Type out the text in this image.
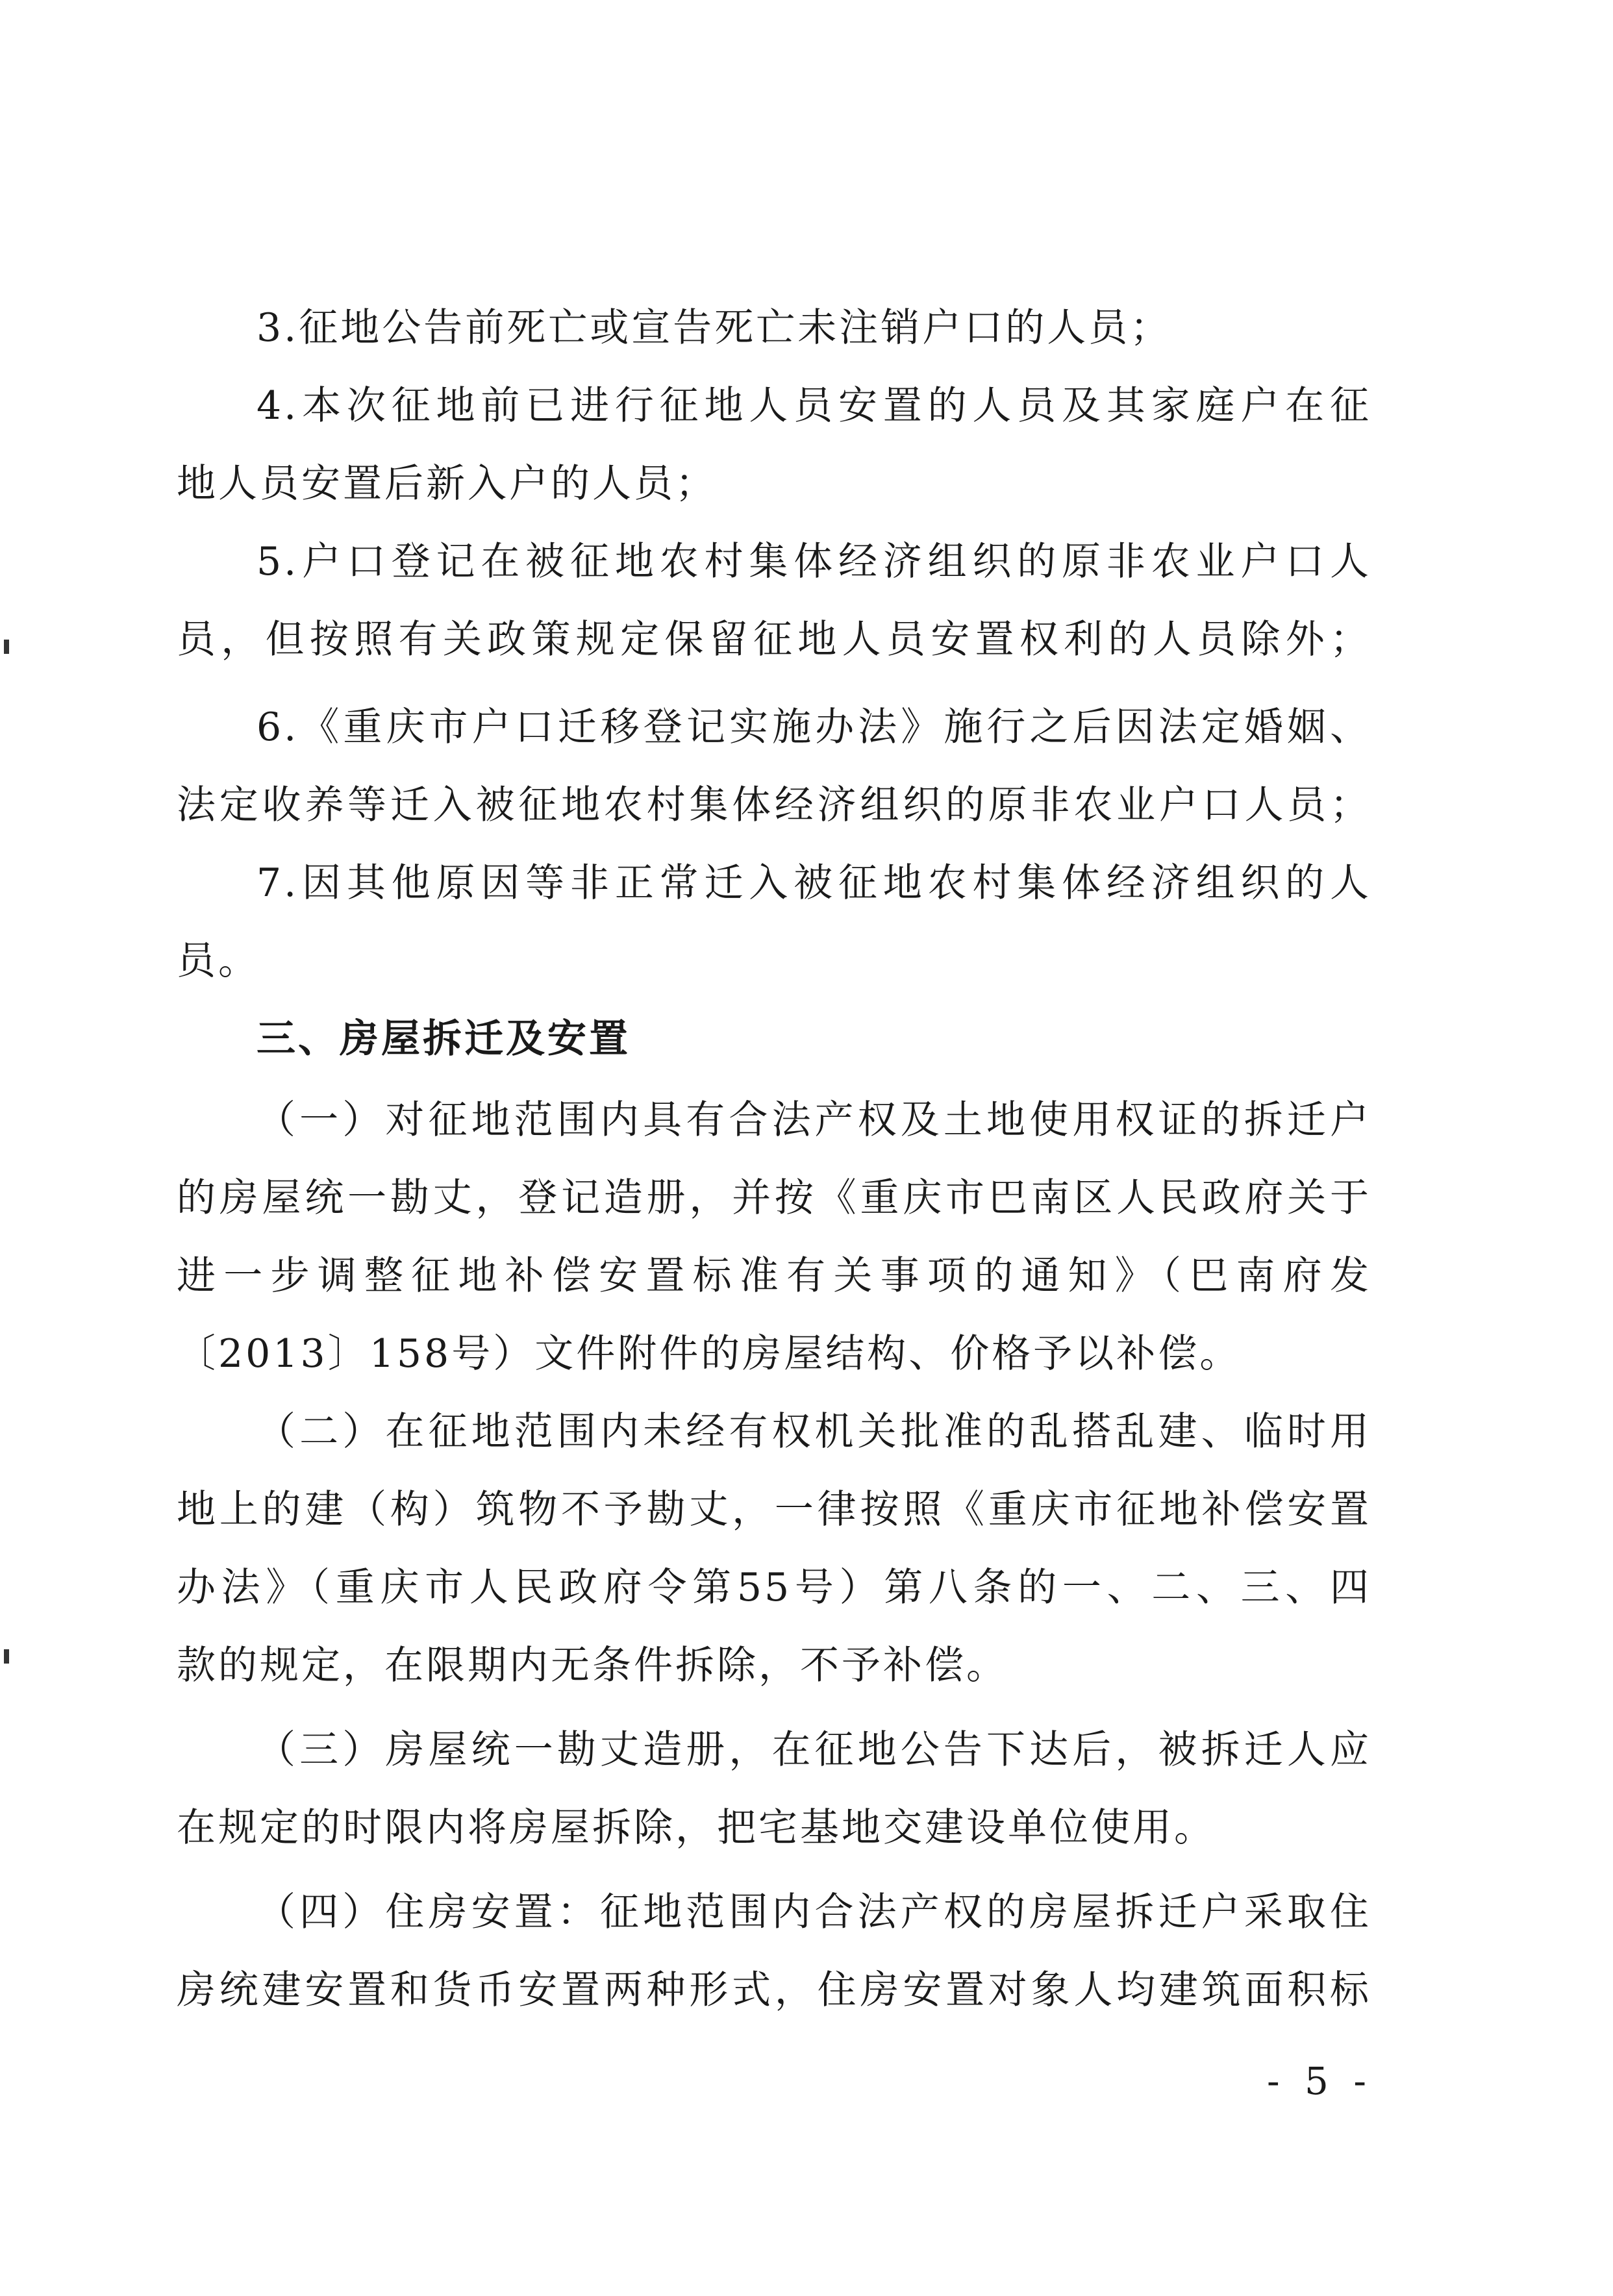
3.征地公告前死亡或宣告死亡未注销户口的人员；
4.本次征地前已进行征地人员安置的人员及其家庭户在征
地人员安置后新入户的人员；
5.户口登记在被征地农村集体经济组织的原非农业户口人
员，但按照有关政策规定保留征地人员安置权利的人员除外；
6.《重庆市户口迁移登记实施办法》施行之后因法定婚姻、
法定收养等迁入被征地农村集体经济组织的原非农业户口人员；
7.因其他原因等非正常迁入被征地农村集体经济组织的人
员。
三、房屋拆迁及安置
（一）对征地范围内具有合法产权及土地使用权证的拆迁户
的房屋统一勘丈，登记造册，并按《重庆市巴南区人民政府关于
进一步调整征地补偿安置标准有关事项的通知》（巴南府发
〔2013〕158号）文件附件的房屋结构、价格予以补偿。
（二）在征地范围内未经有权机关批准的乱搭乱建、临时用
地上的建（构）筑物不予勘丈，一律按照《重庆市征地补偿安置
办法》（重庆市人民政府令第55号）第八条的一、二、三、四
款的规定，在限期内无条件拆除，不予补偿。
（三）房屋统一勘丈造册，在征地公告下达后，被拆迁人应
在规定的时限内将房屋拆除，把宅基地交建设单位使用。
（四）住房安置：征地范围内合法产权的房屋拆迁户采取住
房统建安置和货币安置两种形式，住房安置对象人均建筑面积标
- 5 -
